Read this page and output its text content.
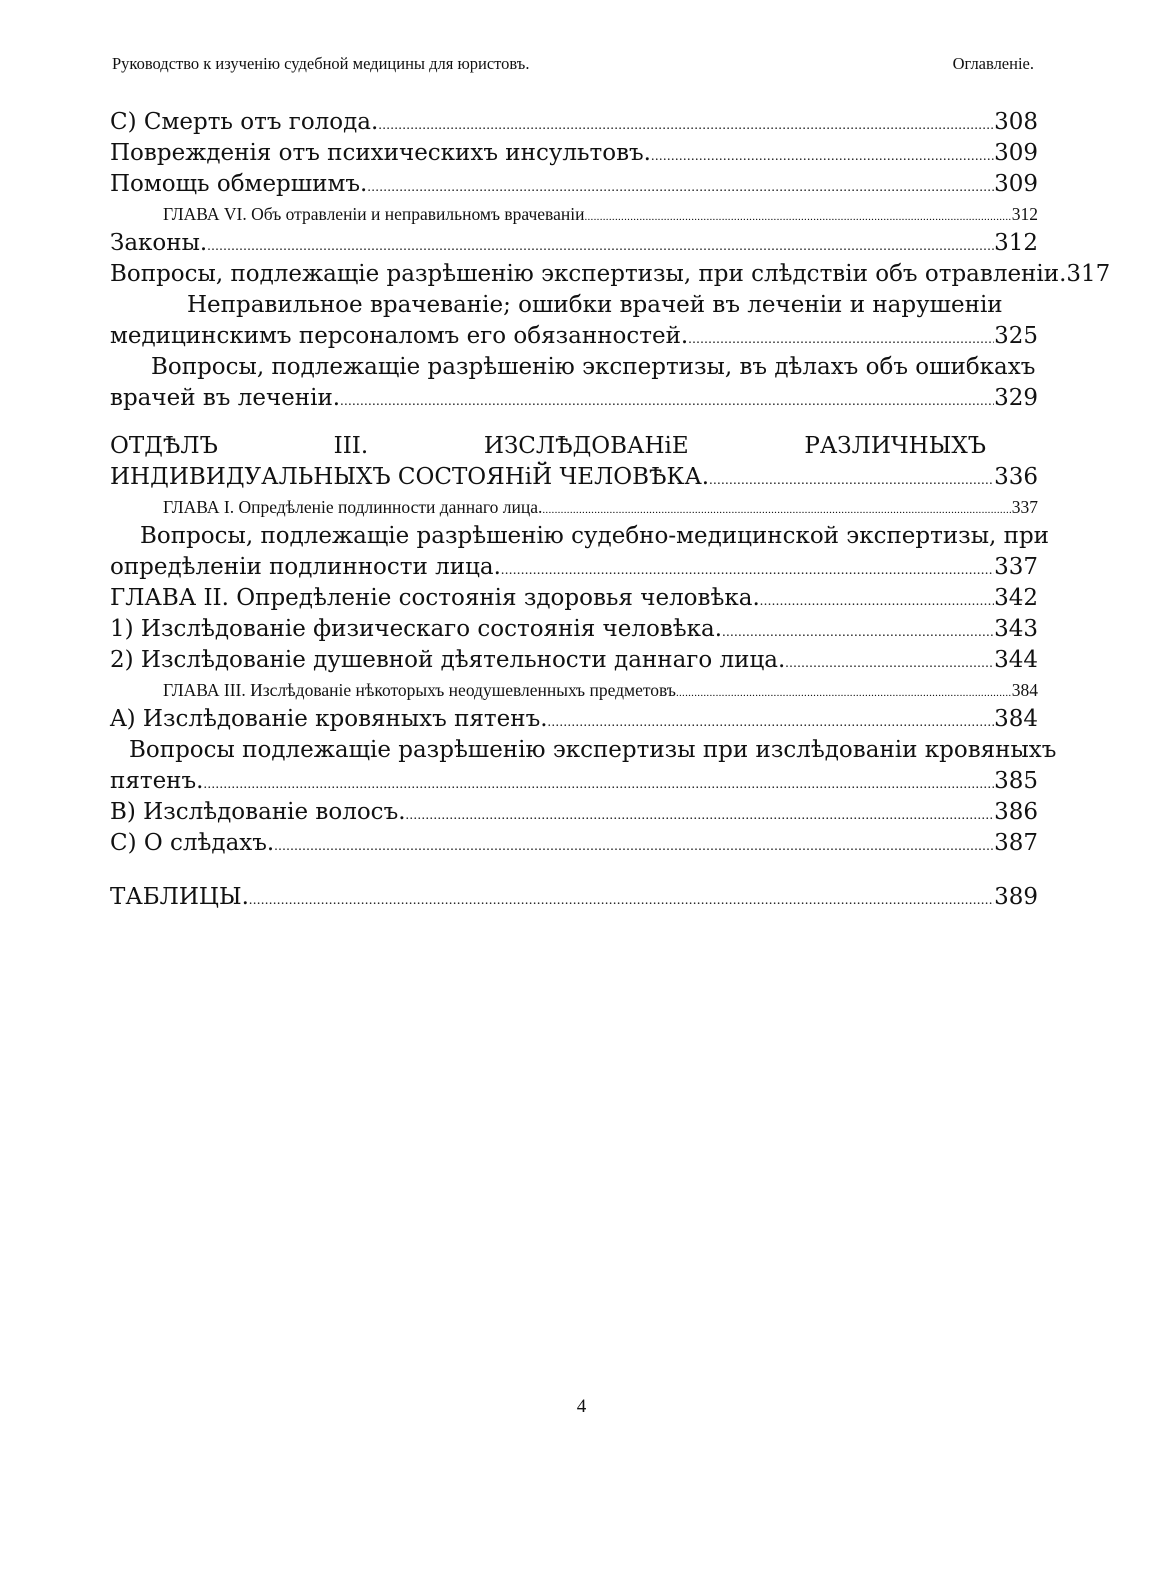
Руководство к изученію судебной медицины для юристовъ.	Оглавленіе.
C) Смерть отъ голода. .....	308
Поврежденія отъ психическихъ инсультовъ. .....	309
Помощь обмершимъ. .....	309
ГЛАВА VI. Объ отравленіи и неправильномъ врачеваніи .....	312
Законы. .....	312
Вопросы, подлежащіе разрѣшенію экспертизы, при слѣдствіи объ отравленіи. 317
Неправильное врачеваніе; ошибки врачей въ леченіи и нарушеніи
медицинскимъ персоналомъ его обязанностей. .....	325
Вопросы, подлежащіе разрѣшенію экспертизы, въ дѣлахъ объ ошибкахъ
врачей въ леченіи. .....	329
ОТДѢЛЪ	III.	ИЗСЛѢДОВАНіЕ	РАЗЛИЧНЫХЪ
ИНДИВИДУАЛЬНЫХЪ СОСТОЯНіЙ ЧЕЛОВѢКА. .....	336
ГЛАВА I. Опредѣленіе подлинности даннаго лица. .....	337
Вопросы, подлежащіе разрѣшенію судебно-медицинской экспертизы, при
опредѣленіи подлинности лица. .....	337
ГЛАВА II. Опредѣленіе состоянія здоровья человѣка. .....	342
1) Изслѣдованіе физическаго состоянія человѣка. .....	343
2) Изслѣдованіе душевной дѣятельности даннаго лица. .....	344
ГЛАВА III. Изслѣдованіе нѣкоторыхъ неодушевленныхъ предметовъ .....	384
A) Изслѣдованіе кровяныхъ пятенъ. .....	384
Вопросы подлежащіе разрѣшенію экспертизы при изслѣдованіи кровяныхъ
пятенъ. .....	385
B) Изслѣдованіе волосъ. .....	386
C) О слѣдахъ. .....	387
ТАБЛИЦЫ. .....	389
4
